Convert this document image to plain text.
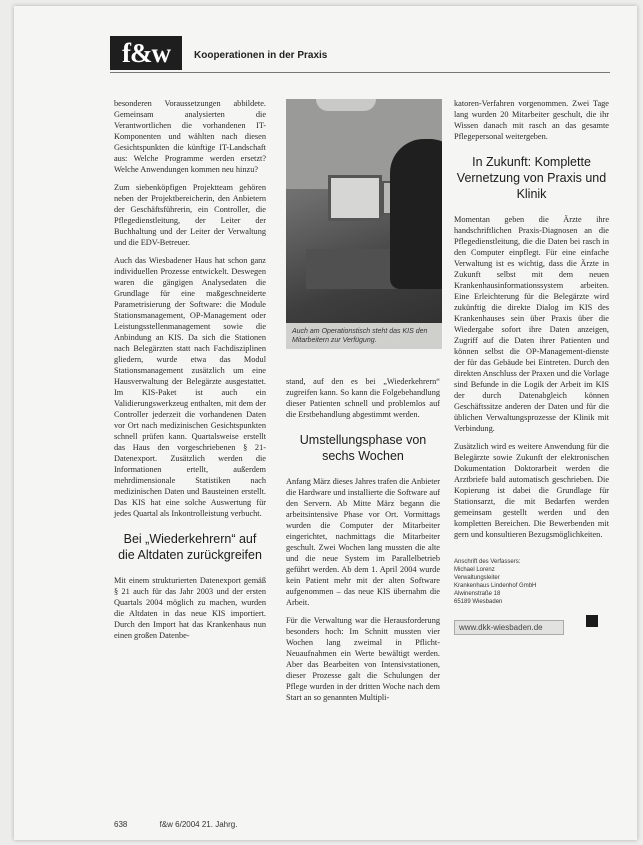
f&w	Kooperationen in der Praxis

besonderen Voraussetzungen abbildete. Gemeinsam analysierten die Verantwortlichen die vorhandenen IT-Komponenten und wählten nach diesen Gesichtspunkten die künftige IT-Landschaft aus: Welche Programme werden ersetzt? Welche Anwendungen kommen neu hinzu?

Zum siebenköpfigen Projektteam gehören neben der Projektbereicherin, den Anbietern der Geschäftsführerin, ein Controller, die Pflegedienstleitung, der Leiter der Buchhaltung und der Leiter der Verwaltung und die EDV-Betreuer.

Auch das Wiesbadener Haus hat schon ganz individuellen Prozesse entwickelt. Deswegen waren die gängigen Analysedaten die Grundlage für eine maßgeschneiderte Parametrisierung der Software: die Module Stationsmanagement, OP-Management oder Leistungsstellenmanagement sowie die Anbindung an KIS. Da sich die Stationen nach Belegärzten statt nach Fachdisziplinen gliedern, wurde etwa das Modul Stationsmanagement zusätzlich um eine Hausverwaltung der Belegärzte ausgestattet. Im KIS-Paket ist auch ein Validierungswerkzeug enthalten, mit dem der Controller jederzeit die vorhandenen Daten vor Ort nach medizinischen Gesichtspunkten schnell prüfen kann. Quartalsweise erstellt das Haus den vorgeschriebenen § 21-Datenexport. Zusätzlich werden die Informationen ertellt, außerdem mehrdimensionale Statistiken nach medizinischen Daten und Bausteinen erstellt. Das KIS hat eine solche Auswertung für jedes Quartal als Inkontrolleistung verbucht.

Bei „Wiederkehrern“ auf die Altdaten zurückgreifen

Mit einem strukturierten Datenexport gemäß § 21 auch für das Jahr 2003 und der ersten Quartals 2004 möglich zu machen, wurden die Altdaten in das neue KIS importiert. Durch den Import hat das Krankenhaus nun einen großen Datenbe-

Auch am Operationstisch steht das KIS den Mitarbeitern zur Verfügung.

stand, auf den es bei „Wiederkehrern“ zugreifen kann. So kann die Folgebehandlung dieser Patienten schnell und problemlos auf die Erstbehandlung abgestimmt werden.

Umstellungsphase von sechs Wochen

Anfang März dieses Jahres trafen die Anbieter die Hardware und installierte die Software auf den Servern. Ab Mitte März begann die arbeitsintensive Phase vor Ort. Vormittags wurden die Computer der Mitarbeiter eingerichtet, nachmittags die Mitarbeiter geschult. Zwei Wochen lang mussten die alte und die neue System im Parallelbetrieb geführt werden. Ab dem 1. April 2004 wurde kein Patient mehr mit der alten Software aufgenommen – das neue KIS übernahm die Arbeit.

Für die Verwaltung war die Herausforderung besonders hoch: Im Schnitt mussten vier Wochen lang zweimal in Pflicht-Neuaufnahmen ein Werte bewältigt werden. Aber das Bearbeiten von Intensivstationen, dieser Prozesse galt die Schulungen der Pflege wurden in der dritten Woche nach dem Start an so genannten Multipli-

katoren-Verfahren vorgenommen. Zwei Tage lang wurden 20 Mitarbeiter geschult, die ihr Wissen danach mit rasch an das gesamte Pflegepersonal weitergeben.

In Zukunft: Komplette Vernetzung von Praxis und Klinik

Momentan geben die Ärzte ihre handschriftlichen Praxis-Diagnosen an die Pflegedienstleitung, die die Daten bei rasch in den Computer einpflegt. Für eine einfache Verwaltung ist es wichtig, dass die Ärzte in Zukunft selbst mit dem neuen Krankenhausinformationssystem arbeiten. Eine Erleichterung für die Belegärzte wird zukünftig die direkte Dialog im KIS des Krankenhauses sein über Praxis über die Wiedergabe sofort ihre Daten anzeigen, Zugriff auf die Daten ihrer Patienten und können selbst die OP-Management-dienste der für das Gebäude bei Eintreten. Durch den direkten Anschluss der Praxen und die Vorlage sind Befunde in die Logik der Arbeit im KIS der durch Datenabgleich können Geschäftssitze anderen der Daten und für die üblichen Verwaltungsprozesse der Klinik mit Verbindung.

Zusätzlich wird es weitere Anwendung für die Belegärzte sowie Zukunft der elektronischen Dokumentation Doktorarbeit werden die Arztbriefe bald automatisch geschrieben. Die Kopierung ist dabei die Grundlage für Stationsarzt, die mit Bedarfen werden gemeinsam gestellt werden und den kompletten Bereichen. Die Bewerbenden mit gern und konsultieren Bezugsmöglichkeiten.

Anschrift des Verfassers:
Michael Lorenz
Verwaltungsleiter
Krankenhaus Lindenhof GmbH
Alwinenstraße 18
65189 Wiesbaden
www.dkk-wiesbaden.de
638	f&w 6/2004 21. Jahrg.
